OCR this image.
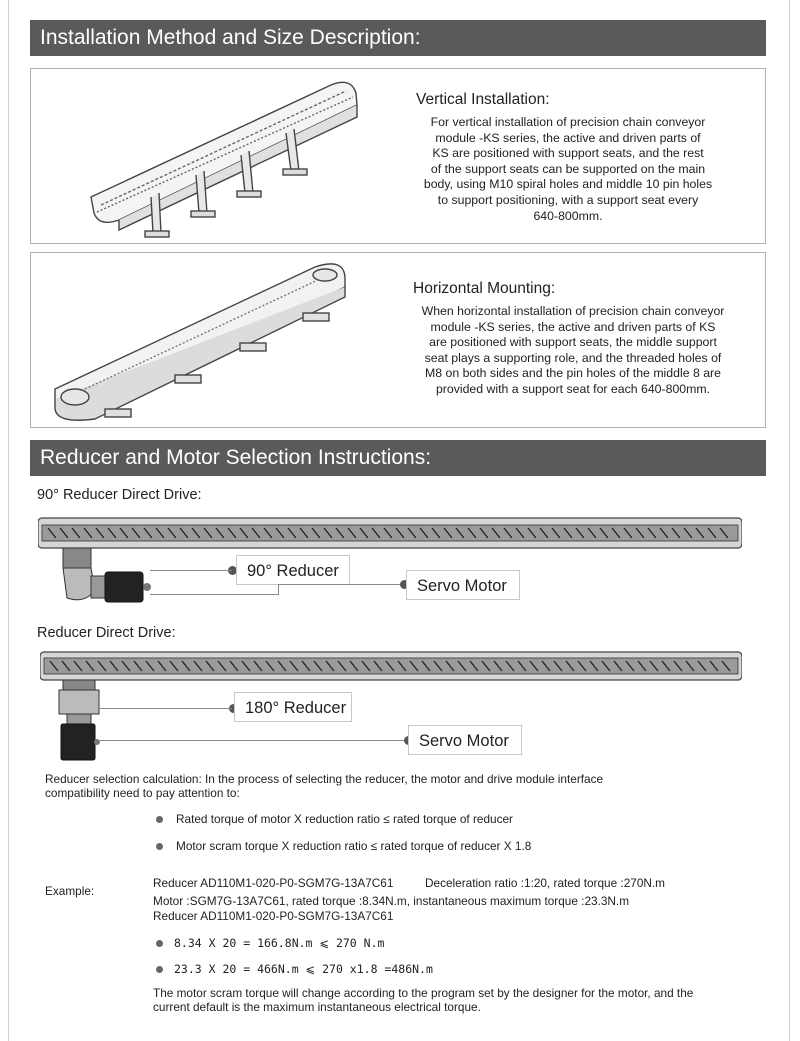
Installation Method and Size Description:
Vertical Installation:
For vertical installation of precision chain conveyor
module -KS series, the active and driven parts of
KS are positioned with support seats, and the rest
of the support seats can be supported on the main
body, using M10 spiral holes and middle 10 pin holes
to support positioning, with a support seat every
640-800mm.
Horizontal Mounting:
When horizontal installation of precision chain conveyor
module -KS series, the active and driven parts of KS
are positioned with support seats, the middle support
seat plays a supporting role, and the threaded holes of
M8 on both sides and the pin holes of the middle 8 are
provided with a support seat for each 640-800mm.
Reducer and Motor Selection Instructions:
90° Reducer Direct Drive:
90° Reducer
Servo Motor
Reducer Direct Drive:
180° Reducer
Servo Motor
Reducer selection calculation: In the process of selecting the reducer, the motor and drive module interface
compatibility need to pay attention to:
Rated torque of motor X reduction ratio ≤ rated torque of reducer
Motor scram torque X reduction ratio ≤ rated torque of reducer X 1.8
Example:
Reducer AD110M1-020-P0-SGM7G-13A7C61	Deceleration ratio :1:20, rated torque :270N.m
Motor :SGM7G-13A7C61, rated torque :8.34N.m, instantaneous maximum torque :23.3N.m
Reducer AD110M1-020-P0-SGM7G-13A7C61
8.34 X 20 = 166.8N.m ⩽ 270 N.m
23.3 X 20 = 466N.m ⩽ 270 x1.8 =486N.m
The motor scram torque will change according to the program set by the designer for the motor, and the
current default is the maximum instantaneous electrical torque.
